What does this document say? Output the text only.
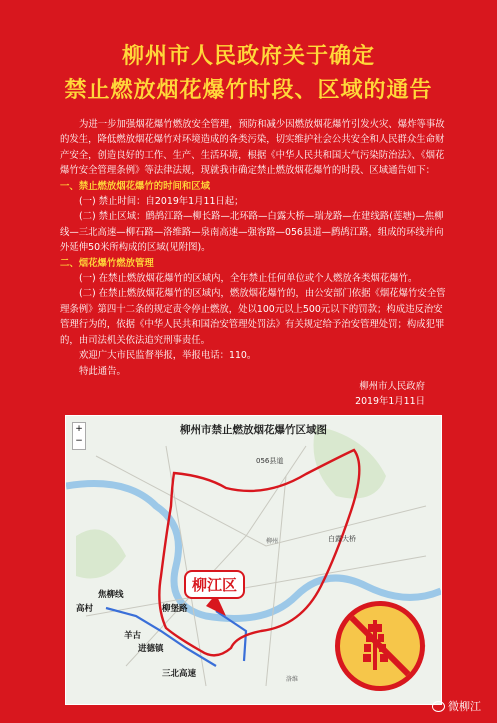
柳州市人民政府关于确定
禁止燃放烟花爆竹时段、区域的通告

为进一步加强烟花爆竹燃放安全管理，预防和减少因燃放烟花爆竹引发火灾、爆炸等事故的发生，降低燃放烟花爆竹对环境造成的各类污染，切实维护社会公共安全和人民群众生命财产安全，创造良好的工作、生产、生活环境，根据《中华人民共和国大气污染防治法》、《烟花爆竹安全管理条例》等法律法规，现就我市确定禁止燃放烟花爆竹的时段、区域通告如下：

一、禁止燃放烟花爆竹的时间和区域

(一) 禁止时间：自2019年1月11日起；

(二) 禁止区域：鹧鸪江路—柳长路—北环路—白露大桥—瑞龙路—在建线路(莲塘)—焦柳线—三北高速—柳石路—洛维路—泉南高速—强容路—056县道—鹧鸪江路，组成的环线并向外延伸50米所构成的区域(见附图)。

二、烟花爆竹燃放管理

(一) 在禁止燃放烟花爆竹的区域内，全年禁止任何单位或个人燃放各类烟花爆竹。

(二) 在禁止燃放烟花爆竹的区域内，燃放烟花爆竹的，由公安部门依据《烟花爆竹安全管理条例》第四十二条的规定责令停止燃放，处以100元以上500元以下的罚款；构成违反治安管理行为的，依据《中华人民共和国治安管理处罚法》有关规定给予治安管理处罚；构成犯罪的，由司法机关依法追究刑事责任。

欢迎广大市民监督举报，举报电话：110。

特此通告。

柳州市人民政府

2019年1月11日

柳州市禁止燃放烟花爆竹区域图
+ −
柳江区
高村
焦柳线
羊古
进德镇
柳堡路
三北高速
056县道
白露大桥
洛维
柳州
微柳江
